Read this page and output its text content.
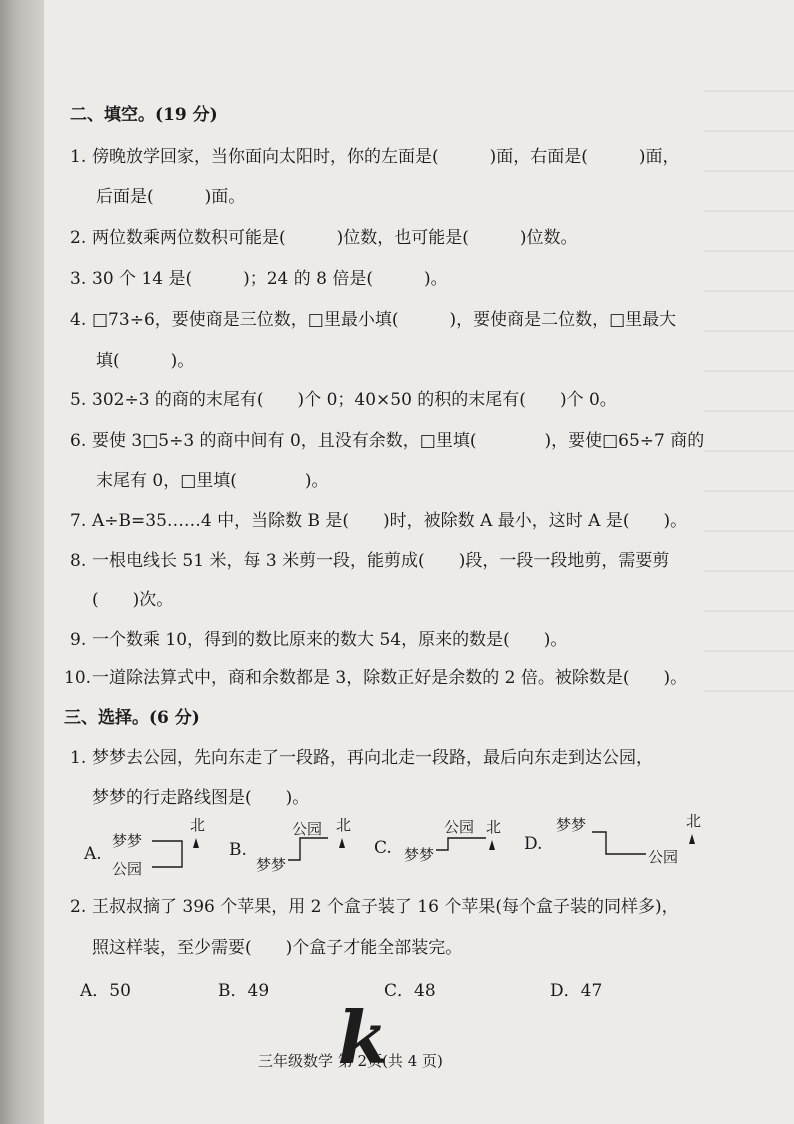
二、填空。(19 分)
1. 傍晚放学回家，当你面向太阳时，你的左面是(　　　)面，右面是(　　　)面，
后面是(　　　)面。
2. 两位数乘两位数积可能是(　　　)位数，也可能是(　　　)位数。
3. 30 个 14 是(　　　)；24 的 8 倍是(　　　)。
4. □73÷6，要使商是三位数，□里最小填(　　　)，要使商是二位数，□里最大
填(　　　)。
5. 302÷3 的商的末尾有(　　)个 0；40×50 的积的末尾有(　　)个 0。
6. 要使 3□5÷3 的商中间有 0，且没有余数，□里填(　　　　)，要使□65÷7 商的
末尾有 0，□里填(　　　　)。
7. A÷B=35……4 中，当除数 B 是(　　)时，被除数 A 最小，这时 A 是(　　)。
8. 一根电线长 51 米，每 3 米剪一段，能剪成(　　)段，一段一段地剪，需要剪
(　　)次。
9. 一个数乘 10，得到的数比原来的数大 54，原来的数是(　　)。
10.一道除法算式中，商和余数都是 3，除数正好是余数的 2 倍。被除数是(　　)。
三、选择。(6 分)
1. 梦梦去公园，先向东走了一段路，再向北走一段路，最后向东走到达公园，
梦梦的行走路线图是(　　)。
A.
梦梦
公园
北
B.
公园
梦梦
北
C.
公园
梦梦
北
D.
梦梦
公园
北
2. 王叔叔摘了 396 个苹果，用 2 个盒子装了 16 个苹果(每个盒子装的同样多)，
照这样装，至少需要(　　)个盒子才能全部装完。
A．50	B．49	C．48	D．47
三年级数学 第 2页(共 4 页)
k
